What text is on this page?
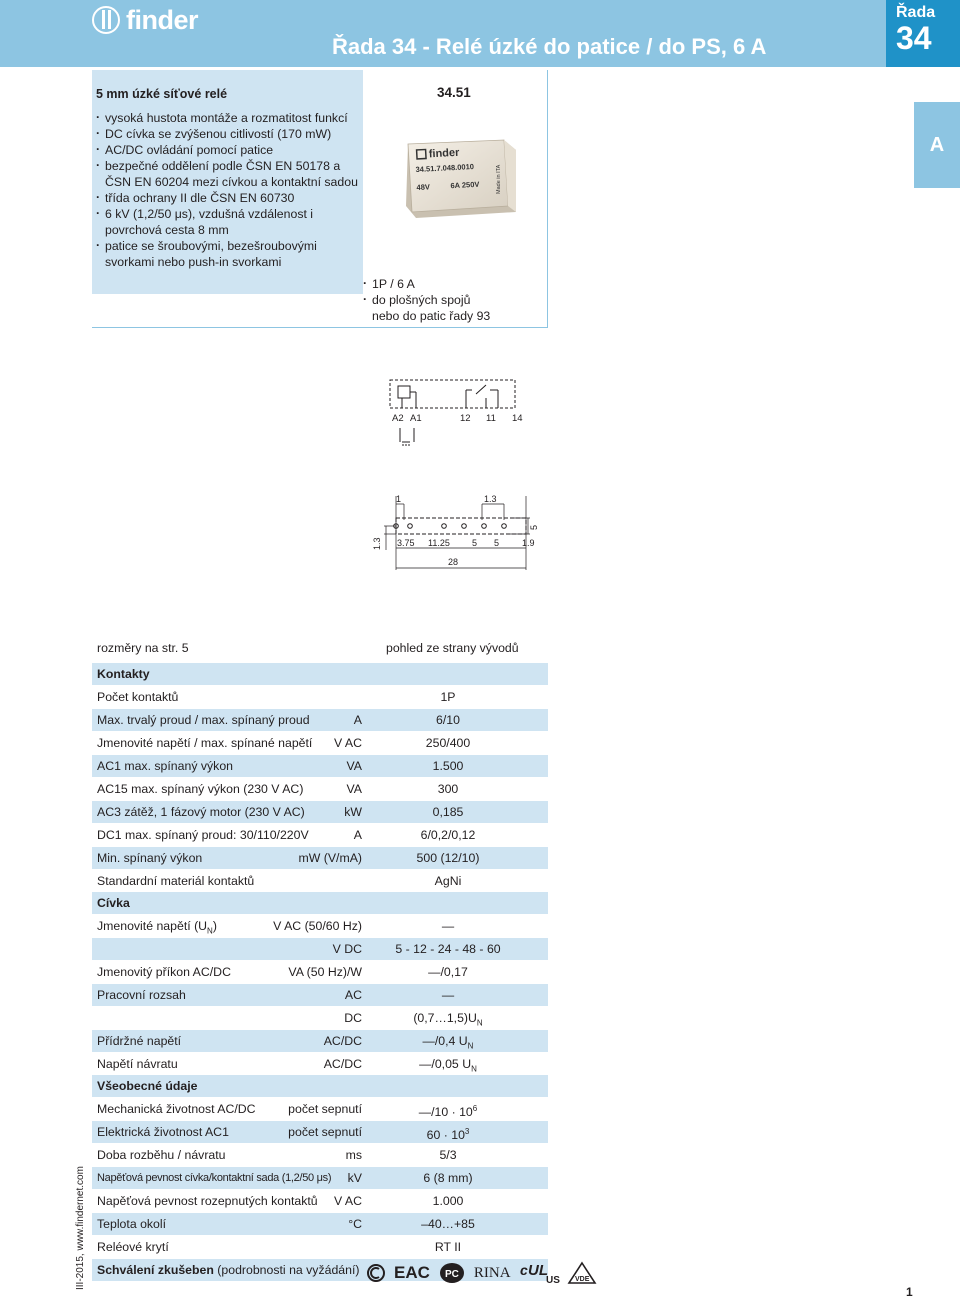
finder
Řada 34 - Relé úzké do patice / do PS, 6 A
Řada
34
A
5 mm úzké síťové relé
· vysoká hustota montáže a rozmatitost funkcí
· DC cívka se zvýšenou citlivostí (170 mW)
· AC/DC ovládání pomocí patice
· bezpečné oddělení podle ČSN EN 50178 a ČSN EN 60204 mezi cívkou a kontaktní sadou
· třída ochrany II dle ČSN EN 60730
· 6 kV (1,2/50 μs), vzdušná vzdálenost i povrchová cesta 8 mm
· patice se šroubovými, bezešroubovými svorkami nebo push-in svorkami
34.51
finder
34.51.7.048.0010
48V	6A 250V	Made in ITA
· 1P / 6 A
· do plošných spojů nebo do patic řady 93
A2 A1	12 11 14
1	1.3
5
1.3 3.75 11.25 5 5	1.9
28
rozměry na str. 5	pohled ze strany vývodů
Kontakty
Počet kontaktů	1P
Max. trvalý proud / max. spínaný proud	A	6/10
Jmenovité napětí / max. spínané napětí V AC	250/400
AC1 max. spínaný výkon	VA	1.500
AC15 max. spínaný výkon (230 V AC)	VA	300
AC3 zátěž, 1 fázový motor (230 V AC)	kW	0,185
DC1 max. spínaný proud: 30/110/220V	A	6/0,2/0,12
Min. spínaný výkon	mW (V/mA)	500 (12/10)
Standardní materiál kontaktů	AgNi
Cívka
Jmenovité napětí $(U_N)$	V AC (50/60 Hz)	—
V DC	5 - 12 - 24 - 48 - 60
Jmenovitý příkon AC/DC	VA (50 Hz)/W	—/0,17
Pracovní rozsah	AC	—
DC	$(0,7\dots 1,5)U_N$
Přídržné napětí	AC/DC	—/0,4 $U_N$
Napětí návratu	AC/DC	—/0,05 $U_N$
Všeobecné údaje
Mechanická životnost AC/DC	počet sepnutí	—/10 · $10^6$
Elektrická životnost AC1	počet sepnutí	$60 \cdot 10^3$
Doba rozběhu / návratu	ms	5/3
Napěťová pevnost cívka/kontaktní sada (1,2/50 μs) kV	6 (8 mm)
Napěťová pevnost rozepnutých kontaktů V AC	1.000
Teplota okolí	°C	–40…+85
Reléové krytí	RT II
Schválení zkušeben (podrobnosti na vyžádání) EAC PC RINA c UL
US VDE
III-2015, www.findernet.com
1
